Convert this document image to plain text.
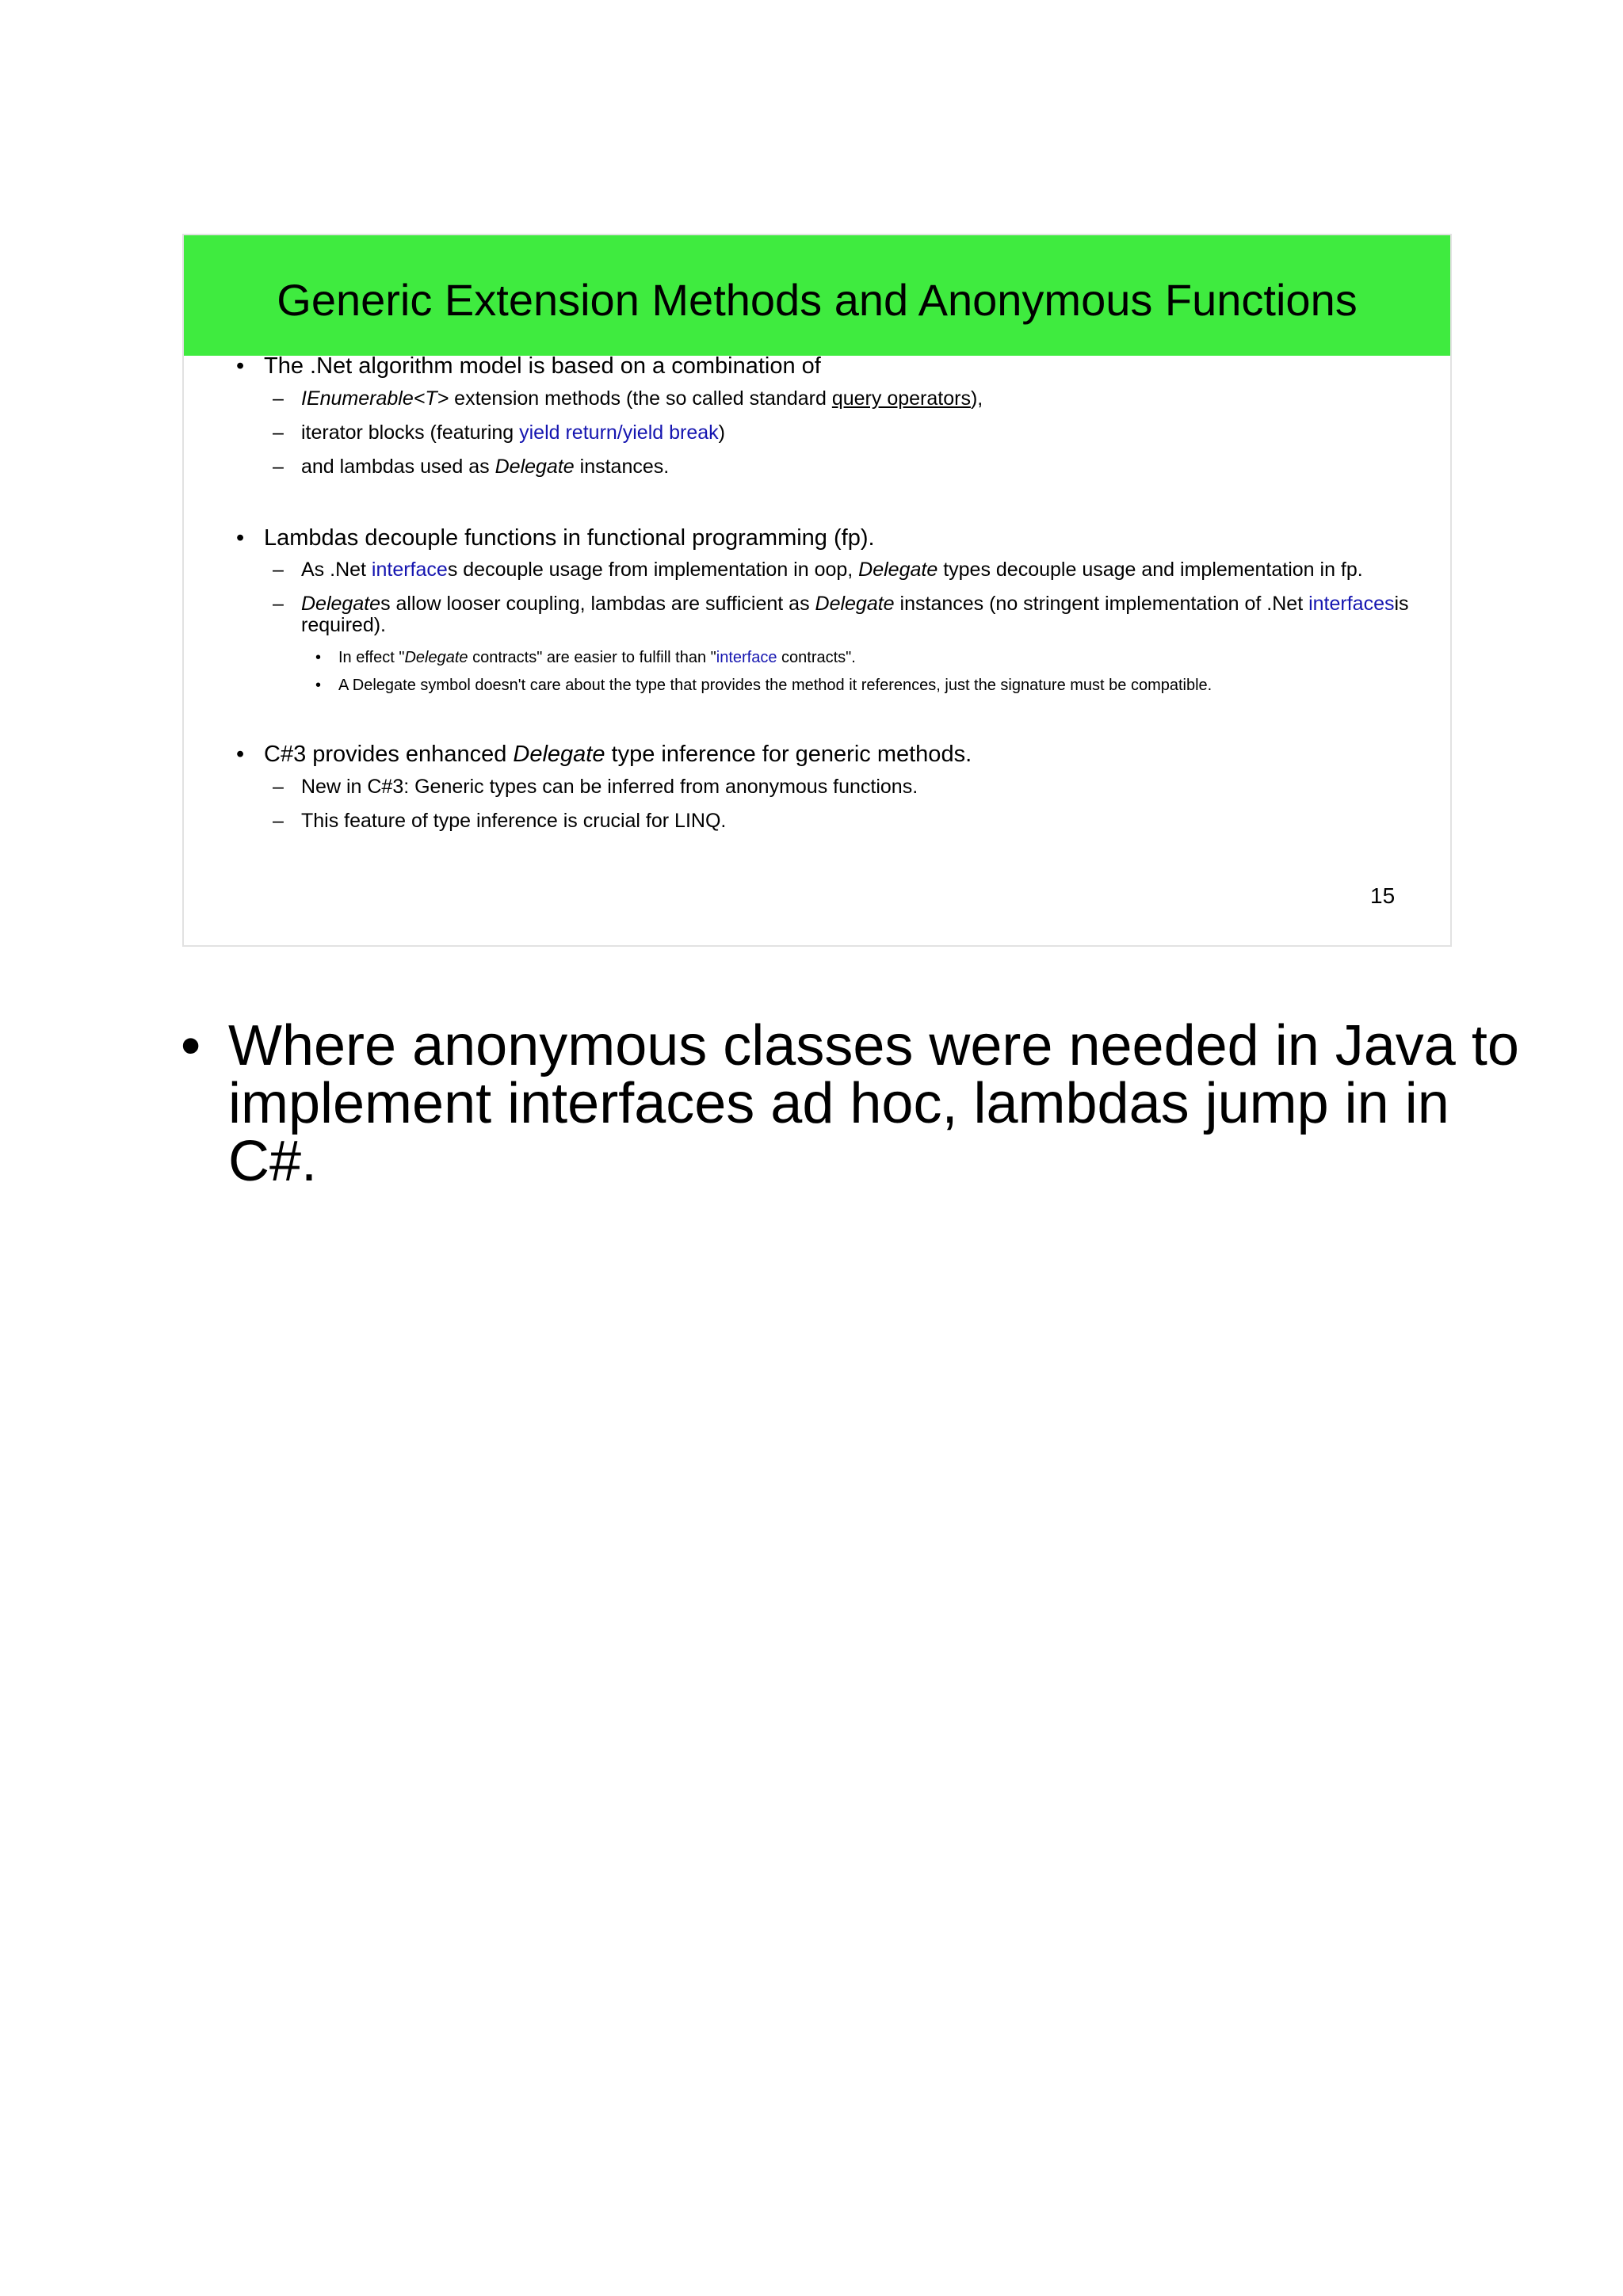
Generic Extension Methods and Anonymous Functions
• The .Net algorithm model is based on a combination of
– IEnumerable<T> extension methods (the so called standard query operators),
– iterator blocks (featuring yield return/yield break)
– and lambdas used as Delegate instances.
• Lambdas decouple functions in functional programming (fp).
– As .Net interfaces decouple usage from implementation in oop, Delegate types decouple usage and implementation in fp.
– Delegates allow looser coupling, lambdas are sufficient as Delegate instances (no stringent implementation of .Net interfacesis
required).
• In effect "Delegate contracts" are easier to fulfill than "interface contracts".
• A Delegate symbol doesn't care about the type that provides the method it references, just the signature must be compatible.
• C#3 provides enhanced Delegate type inference for generic methods.
– New in C#3: Generic types can be inferred from anonymous functions.
– This feature of type inference is crucial for LINQ.
15
• Where anonymous classes were needed in Java to
implement interfaces ad hoc, lambdas jump in in
C#.
